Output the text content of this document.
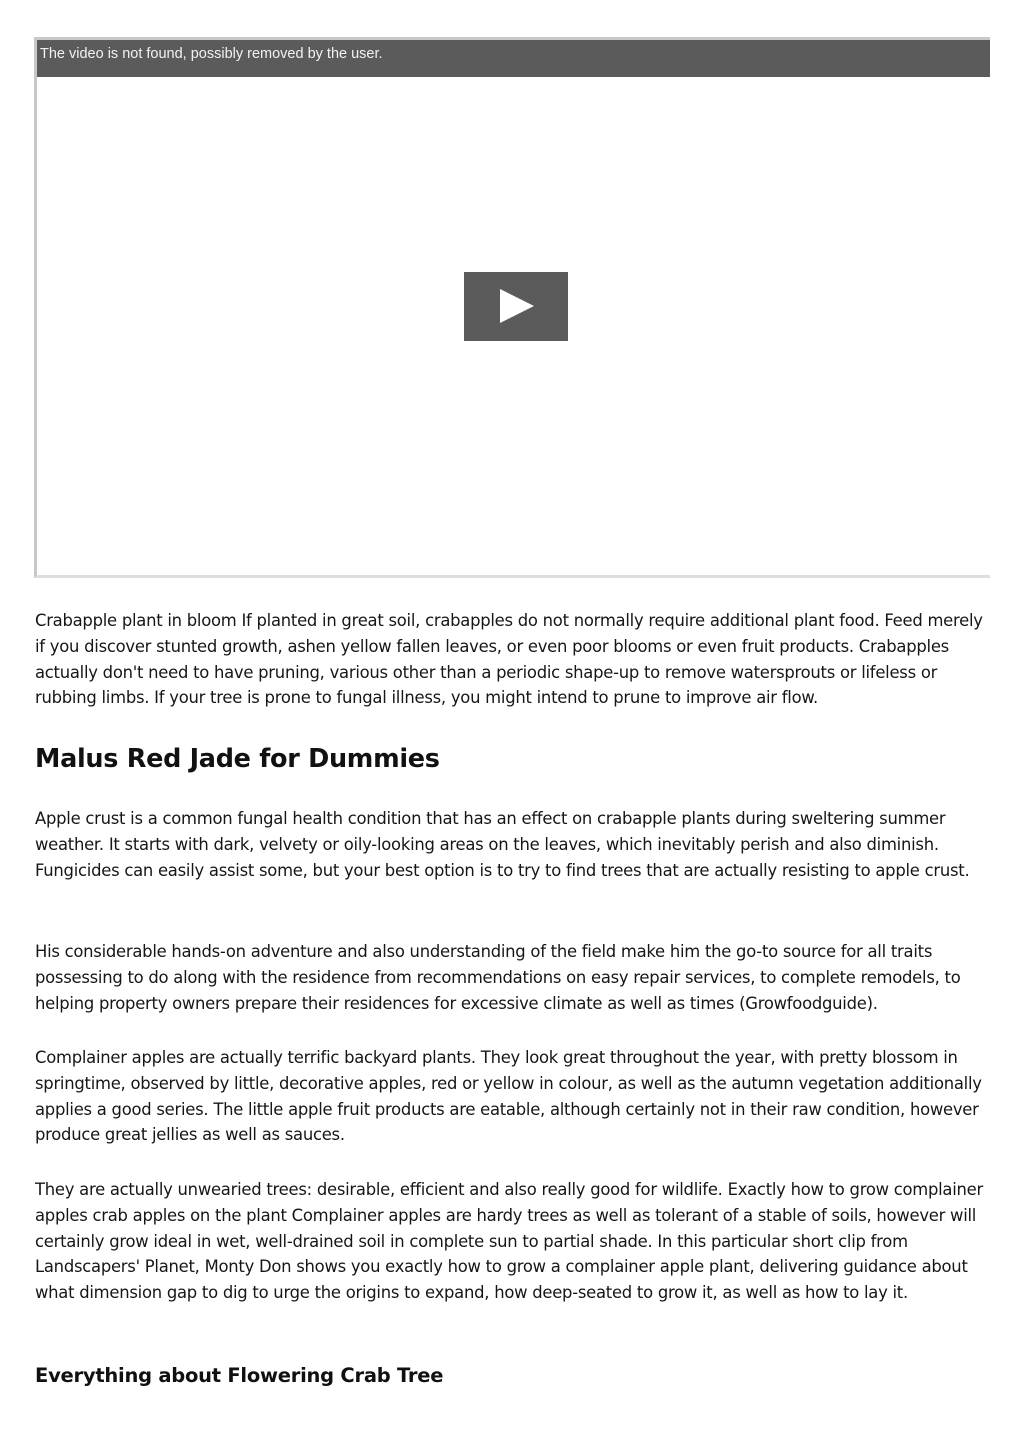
The video is not found, possibly removed by the user.

Crabapple plant in bloom If planted in great soil, crabapples do not normally require additional plant food. Feed merely if you discover stunted growth, ashen yellow fallen leaves, or even poor blooms or even fruit products. Crabapples actually don't need to have pruning, various other than a periodic shape-up to remove watersprouts or lifeless or rubbing limbs. If your tree is prone to fungal illness, you might intend to prune to improve air flow.

Malus Red Jade for Dummies

Apple crust is a common fungal health condition that has an effect on crabapple plants during sweltering summer weather. It starts with dark, velvety or oily-looking areas on the leaves, which inevitably perish and also diminish. Fungicides can easily assist some, but your best option is to try to find trees that are actually resisting to apple crust.

His considerable hands-on adventure and also understanding of the field make him the go-to source for all traits possessing to do along with the residence from recommendations on easy repair services, to complete remodels, to helping property owners prepare their residences for excessive climate as well as times (Growfoodguide).

Complainer apples are actually terrific backyard plants. They look great throughout the year, with pretty blossom in springtime, observed by little, decorative apples, red or yellow in colour, as well as the autumn vegetation additionally applies a good series. The little apple fruit products are eatable, although certainly not in their raw condition, however produce great jellies as well as sauces.

They are actually unwearied trees: desirable, efficient and also really good for wildlife. Exactly how to grow complainer apples crab apples on the plant Complainer apples are hardy trees as well as tolerant of a stable of soils, however will certainly grow ideal in wet, well-drained soil in complete sun to partial shade. In this particular short clip from Landscapers' Planet, Monty Don shows you exactly how to grow a complainer apple plant, delivering guidance about what dimension gap to dig to urge the origins to expand, how deep-seated to grow it, as well as how to lay it.

Everything about Flowering Crab Tree
